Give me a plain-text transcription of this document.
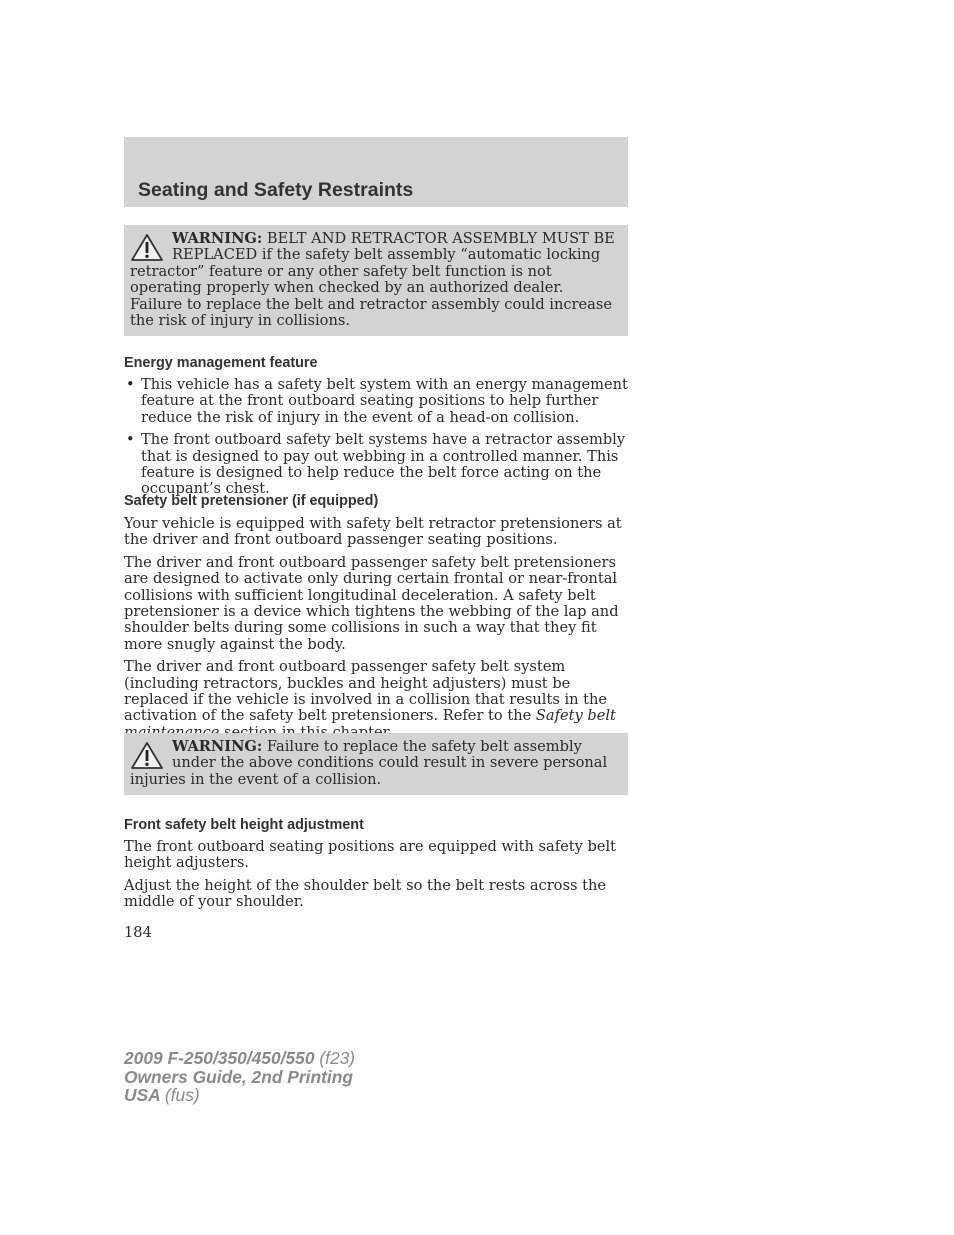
Seating and Safety Restraints
WARNING: BELT AND RETRACTOR ASSEMBLY MUST BE REPLACED if the safety belt assembly “automatic locking retractor” feature or any other safety belt function is not operating properly when checked by an authorized dealer. Failure to replace the belt and retractor assembly could increase the risk of injury in collisions.
Energy management feature
• This vehicle has a safety belt system with an energy management feature at the front outboard seating positions to help further reduce the risk of injury in the event of a head-on collision.
• The front outboard safety belt systems have a retractor assembly that is designed to pay out webbing in a controlled manner. This feature is designed to help reduce the belt force acting on the occupant’s chest.
Safety belt pretensioner (if equipped)

Your vehicle is equipped with safety belt retractor pretensioners at the driver and front outboard passenger seating positions.

The driver and front outboard passenger safety belt pretensioners are designed to activate only during certain frontal or near-frontal collisions with sufficient longitudinal deceleration. A safety belt pretensioner is a device which tightens the webbing of the lap and shoulder belts during some collisions in such a way that they fit more snugly against the body.

The driver and front outboard passenger safety belt system (including retractors, buckles and height adjusters) must be replaced if the vehicle is involved in a collision that results in the activation of the safety belt pretensioners. Refer to the Safety belt

WARNING: Failure to replace the safety belt assembly under the above conditions could result in severe personal injuries in the event of a collision.
Front safety belt height adjustment

The front outboard seating positions are equipped with safety belt height adjusters.

Adjust the height of the shoulder belt so the belt rests across the middle of your shoulder.

184
2009 F-250/350/450/550 (f23)
Owners Guide, 2nd Printing
USA (fus)
